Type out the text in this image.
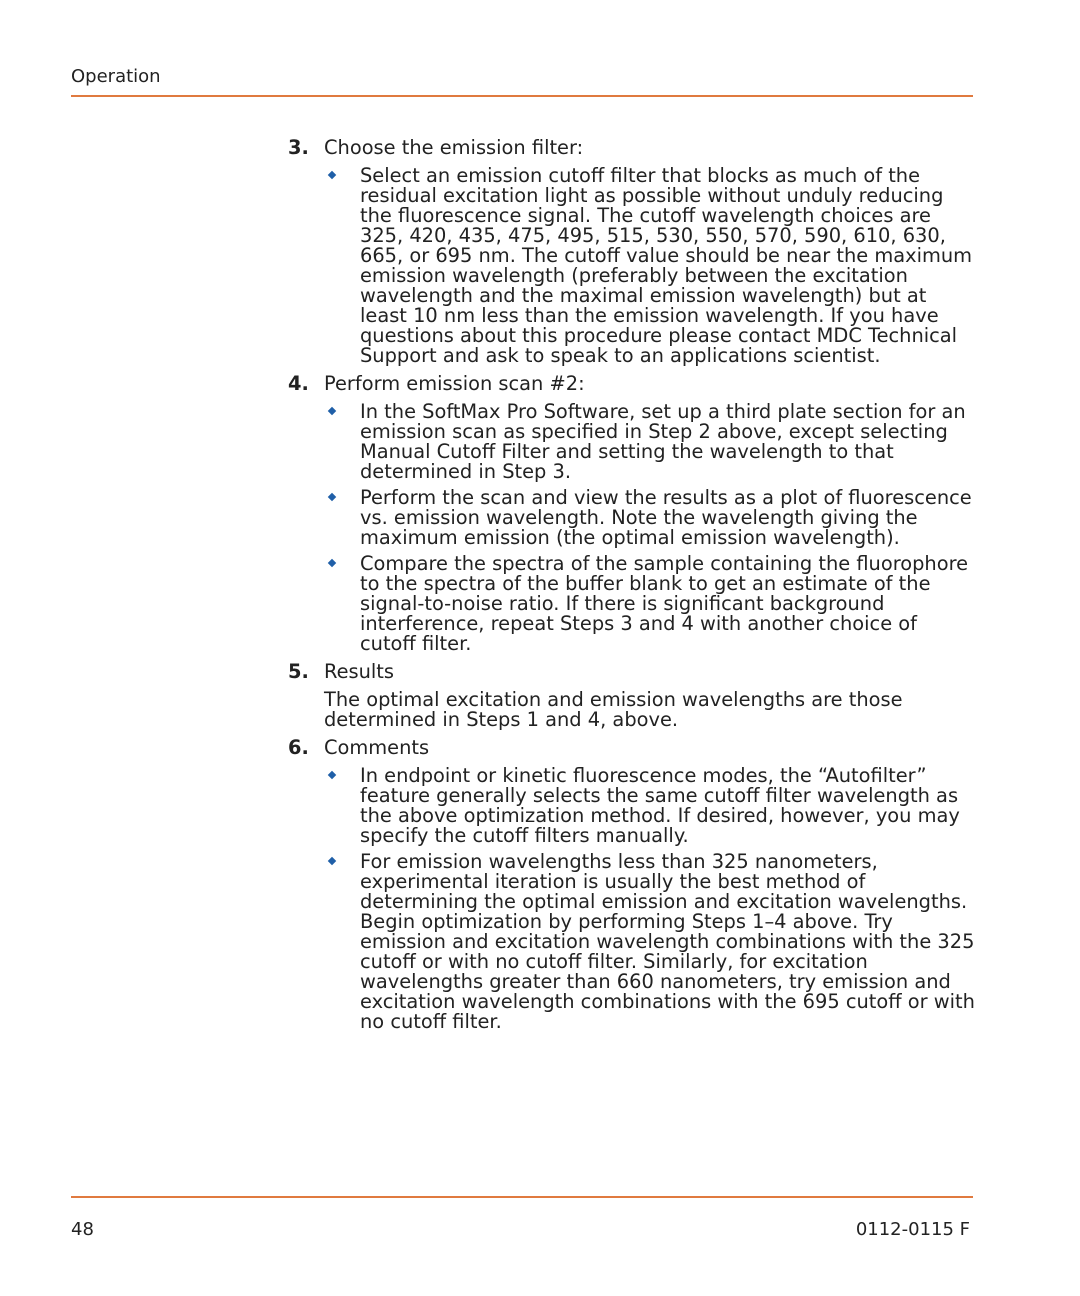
Operation
3. Choose the emission filter:
Select an emission cutoff filter that blocks as much of the residual excitation light as possible without unduly reducing the fluorescence signal. The cutoff wavelength choices are 325, 420, 435, 475, 495, 515, 530, 550, 570, 590, 610, 630, 665, or 695 nm. The cutoff value should be near the maximum emission wavelength (preferably between the excitation wavelength and the maximal emission wavelength) but at least 10 nm less than the emission wavelength. If you have questions about this procedure please contact MDC Technical Support and ask to speak to an applications scientist.
4. Perform emission scan #2:
In the SoftMax Pro Software, set up a third plate section for an emission scan as specified in Step 2 above, except selecting Manual Cutoff Filter and setting the wavelength to that determined in Step 3.
Perform the scan and view the results as a plot of fluorescence vs. emission wavelength. Note the wavelength giving the maximum emission (the optimal emission wavelength).
Compare the spectra of the sample containing the fluorophore to the spectra of the buffer blank to get an estimate of the signal-to-noise ratio. If there is significant background interference, repeat Steps 3 and 4 with another choice of cutoff filter.
5. Results

The optimal excitation and emission wavelengths are those determined in Steps 1 and 4, above.

6. Comments
In endpoint or kinetic fluorescence modes, the “Autofilter” feature generally selects the same cutoff filter wavelength as the above optimization method. If desired, however, you may specify the cutoff filters manually.
For emission wavelengths less than 325 nanometers, experimental iteration is usually the best method of determining the optimal emission and excitation wavelengths. Begin optimization by performing Steps 1–4 above. Try emission and excitation wavelength combinations with the 325 cutoff or with no cutoff filter. Similarly, for excitation wavelengths greater than 660 nanometers, try emission and excitation wavelength combinations with the 695 cutoff or with no cutoff filter.
48	0112-0115 F
